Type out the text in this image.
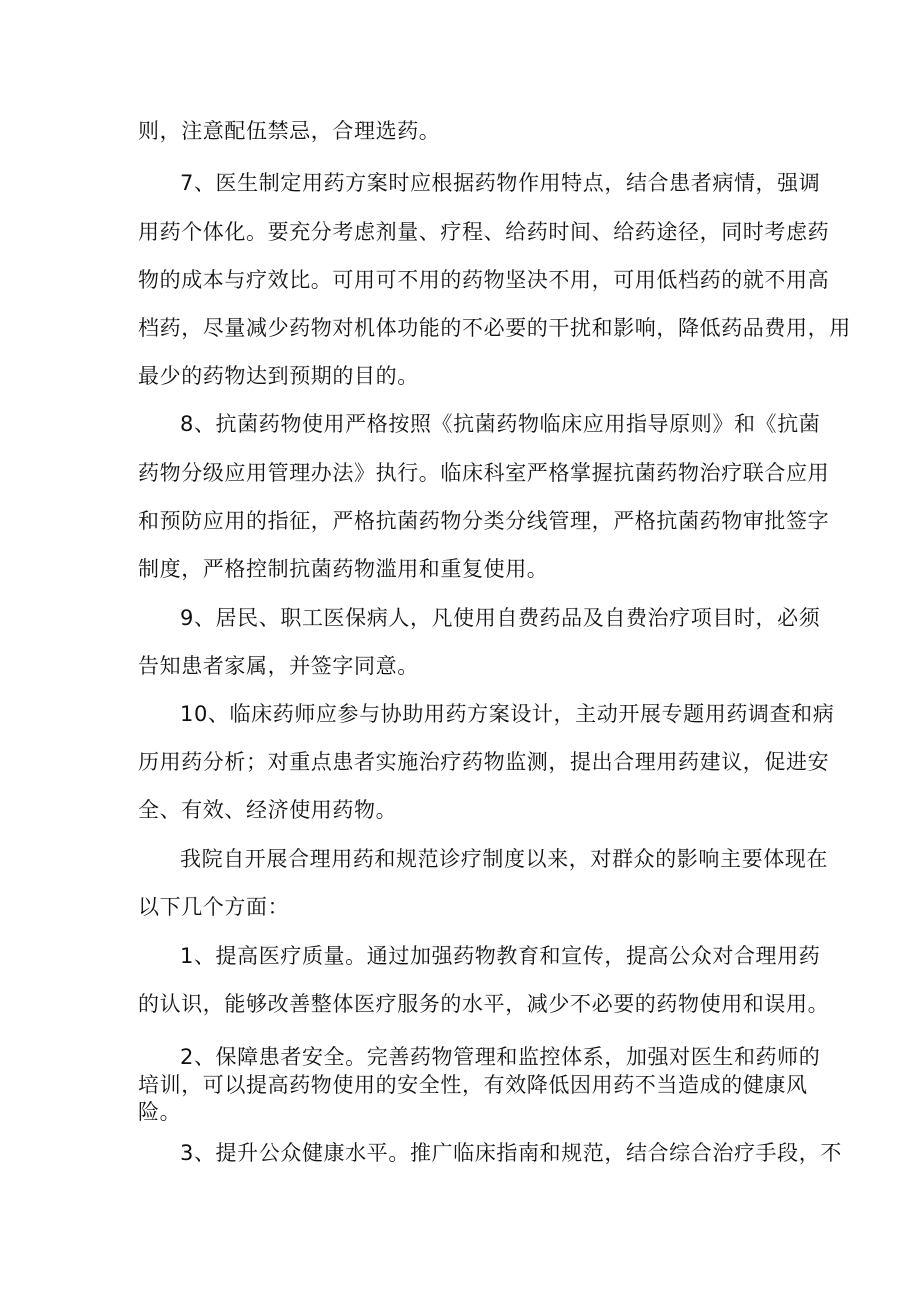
则，注意配伍禁忌，合理选药。
7、医生制定用药方案时应根据药物作用特点，结合患者病情，强调
用药个体化。要充分考虑剂量、疗程、给药时间、给药途径，同时考虑药
物的成本与疗效比。可用可不用的药物坚决不用，可用低档药的就不用高
档药，尽量减少药物对机体功能的不必要的干扰和影响，降低药品费用，用
最少的药物达到预期的目的。
8、抗菌药物使用严格按照《抗菌药物临床应用指导原则》和《抗菌
药物分级应用管理办法》执行。临床科室严格掌握抗菌药物治疗联合应用
和预防应用的指征，严格抗菌药物分类分线管理，严格抗菌药物审批签字
制度，严格控制抗菌药物滥用和重复使用。
9、居民、职工医保病人，凡使用自费药品及自费治疗项目时，必须
告知患者家属，并签字同意。
10、临床药师应参与协助用药方案设计，主动开展专题用药调查和病
历用药分析；对重点患者实施治疗药物监测，提出合理用药建议，促进安
全、有效、经济使用药物。
我院自开展合理用药和规范诊疗制度以来，对群众的影响主要体现在
以下几个方面：
1、提高医疗质量。通过加强药物教育和宣传，提高公众对合理用药
的认识，能够改善整体医疗服务的水平，减少不必要的药物使用和误用。
2、保障患者安全。完善药物管理和监控体系，加强对医生和药师的
培训，可以提高药物使用的安全性，有效降低因用药不当造成的健康风
险。
3、提升公众健康水平。推广临床指南和规范，结合综合治疗手段，不
